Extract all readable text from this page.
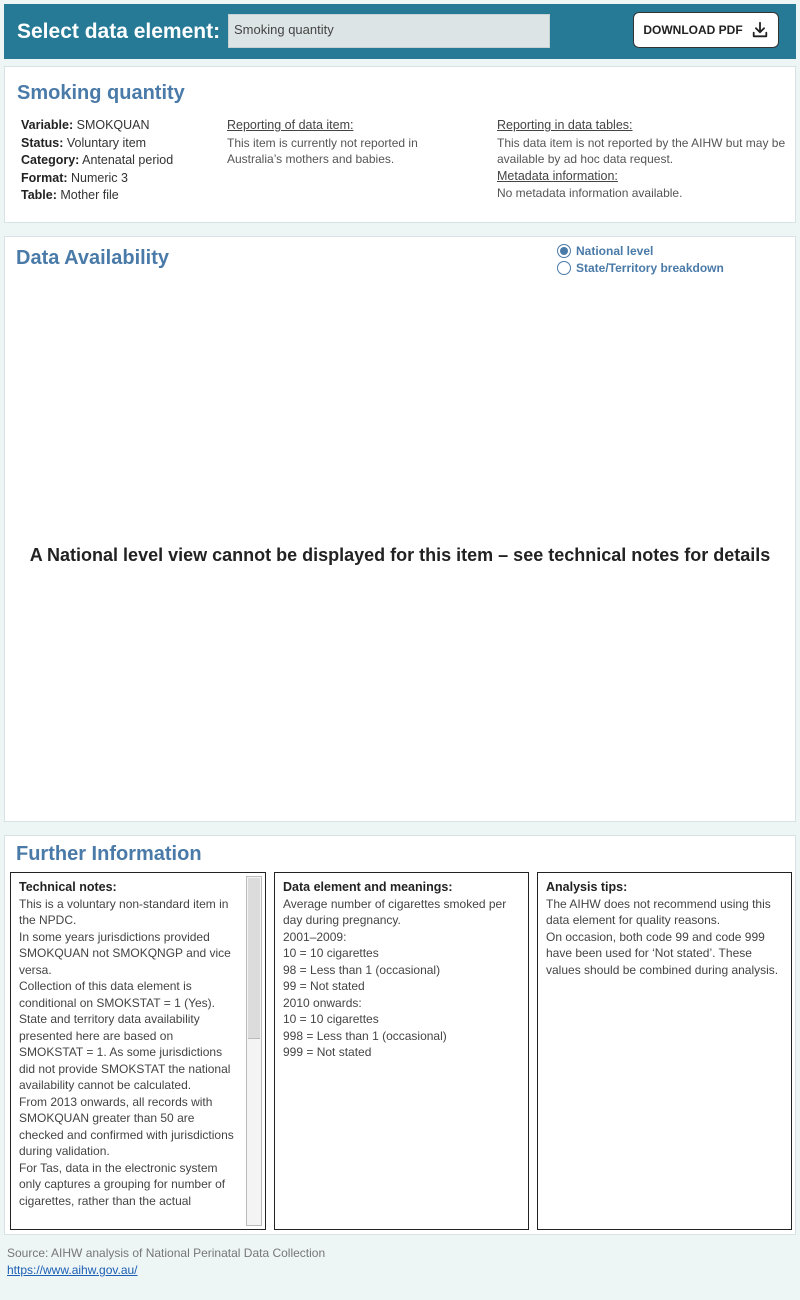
Select data element:	Smoking quantity	DOWNLOAD PDF
Smoking quantity
Variable: SMOKQUAN
Status: Voluntary item
Category: Antenatal period
Format: Numeric 3
Table: Mother file
Reporting of data item:
This item is currently not reported in Australia’s mothers and babies.
Reporting in data tables:
This data item is not reported by the AIHW but may be available by ad hoc data request.
Metadata information:
No metadata information available.
Data Availability	National level
State/Territory breakdown
A National level view cannot be displayed for this item – see technical notes for details
Further Information
Technical notes:

This is a voluntary non-standard item in the NPDC.

In some years jurisdictions provided SMOKQUAN not SMOKQNGP and vice versa.

Collection of this data element is conditional on SMOKSTAT = 1 (Yes). State and territory data availability presented here are based on SMOKSTAT = 1. As some jurisdictions did not provide SMOKSTAT the national availability cannot be calculated.

From 2013 onwards, all records with SMOKQUAN greater than 50 are checked and confirmed with jurisdictions during validation.

For Tas, data in the electronic system only captures a grouping for number of cigarettes, rather than the actual

Data element and meanings:

Average number of cigarettes smoked per day during pregnancy.

2001–2009:

10 = 10 cigarettes

98 = Less than 1 (occasional)

99 = Not stated

2010 onwards:

10 = 10 cigarettes

998 = Less than 1 (occasional)

999 = Not stated

Analysis tips:

The AIHW does not recommend using this data element for quality reasons.

On occasion, both code 99 and code 999 have been used for ‘Not stated’. These values should be combined during analysis.

Source: AIHW analysis of National Perinatal Data Collection
https://www.aihw.gov.au/
